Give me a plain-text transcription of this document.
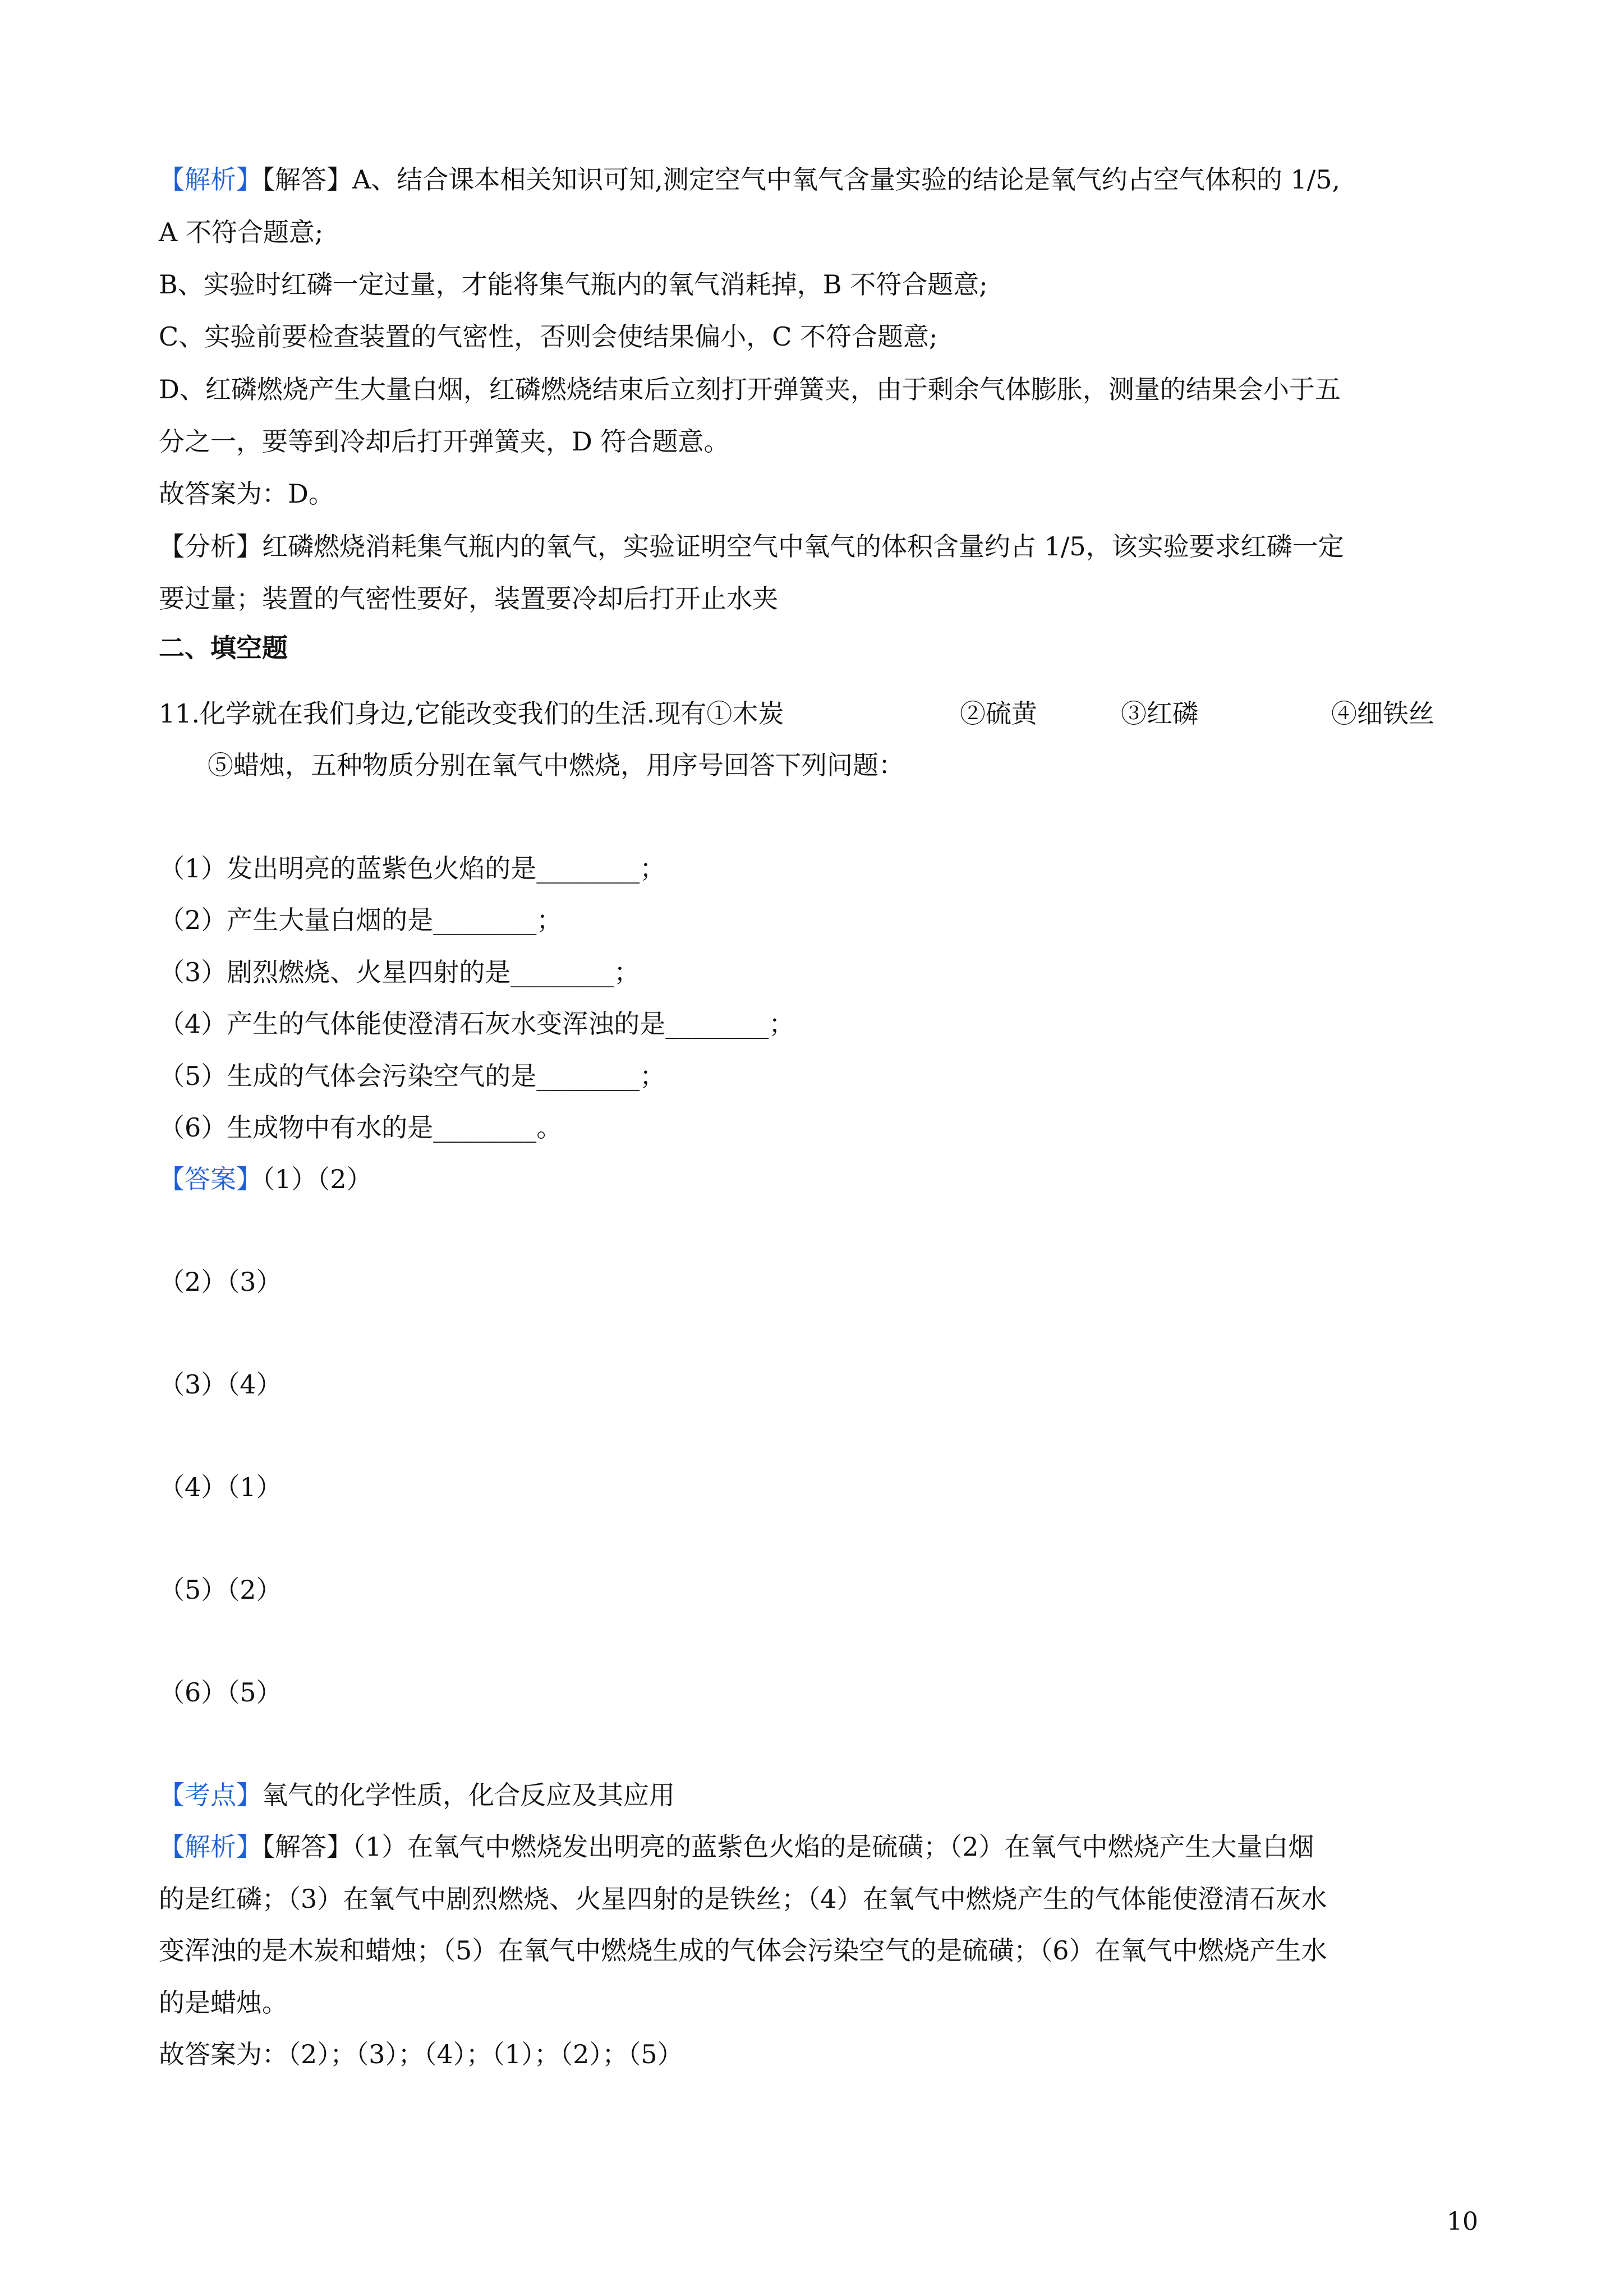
【解析】【解答】A、结合课本相关知识可知,测定空气中氧气含量实验的结论是氧气约占空气体积的 1/5,

A 不符合题意;

B、实验时红磷一定过量，才能将集气瓶内的氧气消耗掉，B 不符合题意;

C、实验前要检查装置的气密性，否则会使结果偏小，C 不符合题意;

D、红磷燃烧产生大量白烟，红磷燃烧结束后立刻打开弹簧夹，由于剩余气体膨胀，测量的结果会小于五

分之一，要等到冷却后打开弹簧夹，D 符合题意。

故答案为：D。

【分析】红磷燃烧消耗集气瓶内的氧气，实验证明空气中氧气的体积含量约占 1/5，该实验要求红磷一定

要过量；装置的气密性要好，装置要冷却后打开止水夹

二、填空题

11.化学就在我们身边,它能改变我们的生活.现有①木炭	②硫黄	③红磷	④细铁丝

⑤蜡烛，五种物质分别在氧气中燃烧，用序号回答下列问题：

（1）发出明亮的蓝紫色火焰的是________；

（2）产生大量白烟的是________；

（3）剧烈燃烧、火星四射的是________；

（4）产生的气体能使澄清石灰水变浑浊的是________；

（5）生成的气体会污染空气的是________；

（6）生成物中有水的是________。

【答案】（1）（2）

（2）（3）

（3）（4）

（4）（1）

（5）（2）

（6）（5）

【考点】氧气的化学性质，化合反应及其应用

【解析】【解答】（1）在氧气中燃烧发出明亮的蓝紫色火焰的是硫磺；（2）在氧气中燃烧产生大量白烟

的是红磷；（3）在氧气中剧烈燃烧、火星四射的是铁丝；（4）在氧气中燃烧产生的气体能使澄清石灰水

变浑浊的是木炭和蜡烛；（5）在氧气中燃烧生成的气体会污染空气的是硫磺；（6）在氧气中燃烧产生水

的是蜡烛。

故答案为：（2）；（3）；（4）；（1）；（2）；（5）

10
